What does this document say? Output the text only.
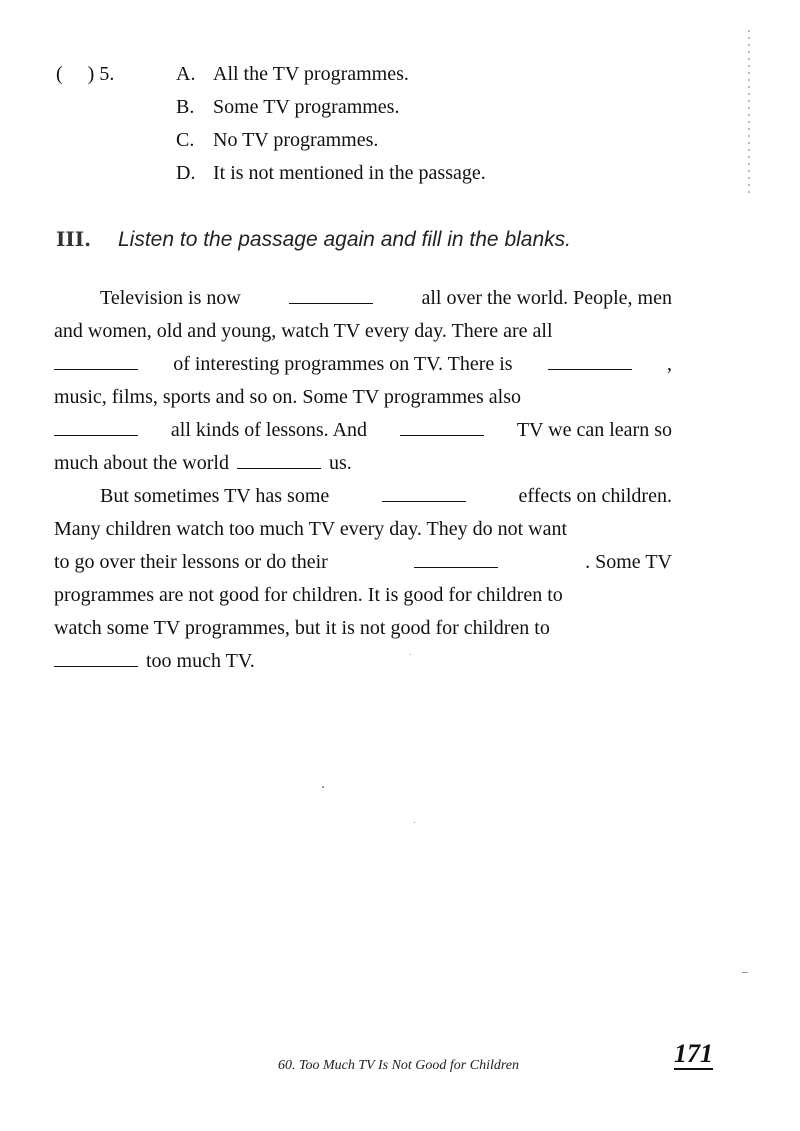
(　 ) 5.	A. All the TV programmes.
B. Some TV programmes.
C. No TV programmes.
D. It is not mentioned in the passage.
III.	Listen to the passage again and fill in the blanks.

Television is now	all over the world. People, men
and women, old and young, watch TV every day. There are all
of interesting programmes on TV. There is	,
music, films, sports and so on. Some TV programmes also
all kinds of lessons. And	TV we can learn so
much about the world	us.

But sometimes TV has some	effects on children.
Many children watch too much TV every day. They do not want
to go over their lessons or do their	. Some TV
programmes are not good for children. It is good for children to
watch some TV programmes, but it is not good for children to
too much TV.

60. Too Much TV Is Not Good for Children	171
